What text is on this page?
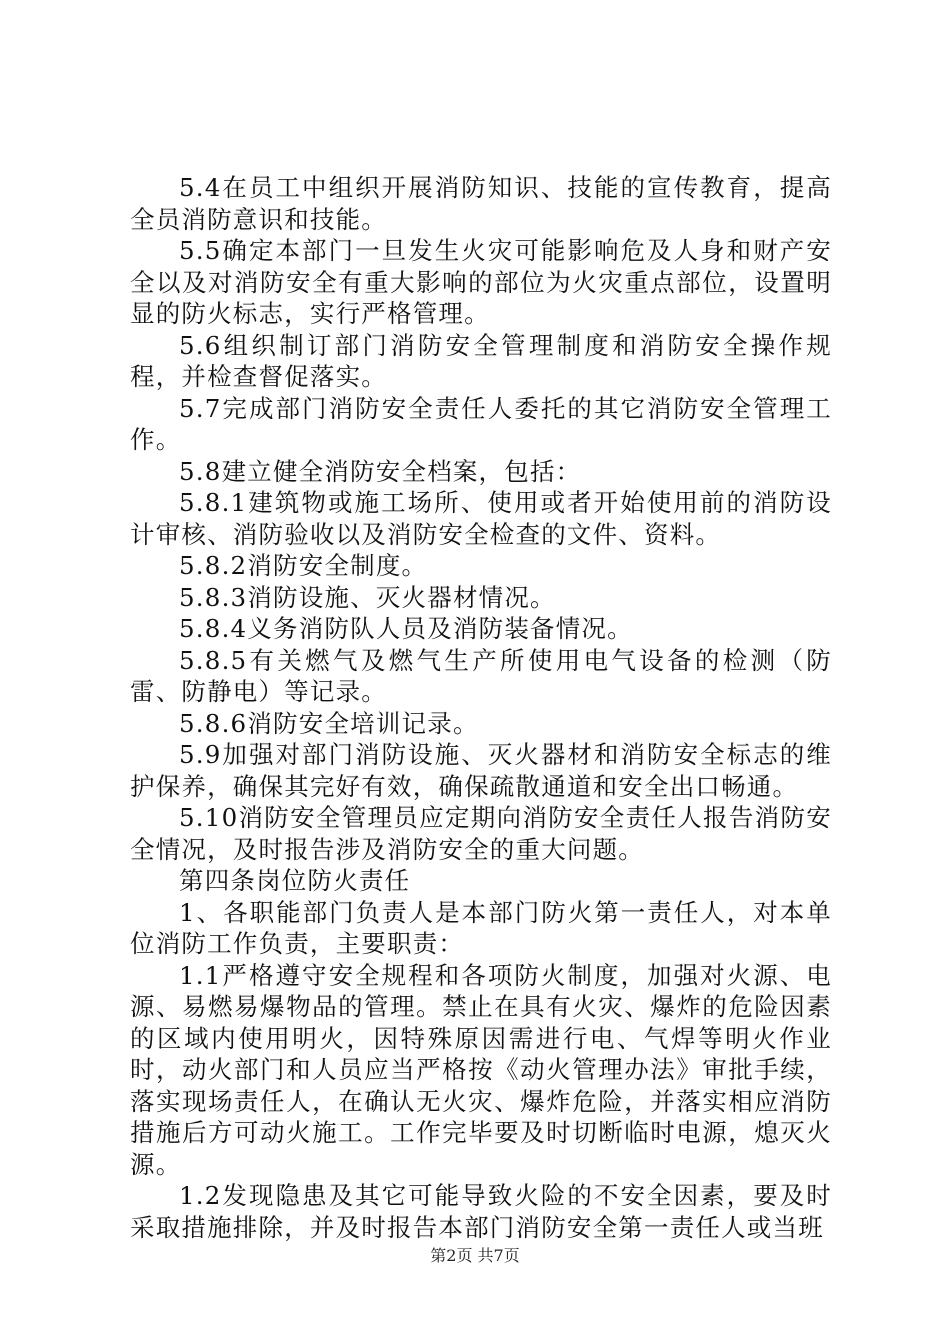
5.4在员工中组织开展消防知识、技能的宣传教育，提高全员消防意识和技能。

5.5确定本部门一旦发生火灾可能影响危及人身和财产安全以及对消防安全有重大影响的部位为火灾重点部位，设置明显的防火标志，实行严格管理。

5.6组织制订部门消防安全管理制度和消防安全操作规程，并检查督促落实。

5.7完成部门消防安全责任人委托的其它消防安全管理工作。

5.8建立健全消防安全档案，包括：

5.8.1建筑物或施工场所、使用或者开始使用前的消防设计审核、消防验收以及消防安全检查的文件、资料。

5.8.2消防安全制度。

5.8.3消防设施、灭火器材情况。

5.8.4义务消防队人员及消防装备情况。

5.8.5有关燃气及燃气生产所使用电气设备的检测（防雷、防静电）等记录。

5.8.6消防安全培训记录。

5.9加强对部门消防设施、灭火器材和消防安全标志的维护保养，确保其完好有效，确保疏散通道和安全出口畅通。

5.10消防安全管理员应定期向消防安全责任人报告消防安全情况，及时报告涉及消防安全的重大问题。

第四条岗位防火责任

1、各职能部门负责人是本部门防火第一责任人，对本单位消防工作负责，主要职责：

1.1严格遵守安全规程和各项防火制度，加强对火源、电源、易燃易爆物品的管理。禁止在具有火灾、爆炸的危险因素的区域内使用明火，因特殊原因需进行电、气焊等明火作业时，动火部门和人员应当严格按《动火管理办法》审批手续，落实现场责任人，在确认无火灾、爆炸危险，并落实相应消防措施后方可动火施工。工作完毕要及时切断临时电源，熄灭火源。

1.2发现隐患及其它可能导致火险的不安全因素，要及时采取措施排除，并及时报告本部门消防安全第一责任人或当班

第2页 共7页
